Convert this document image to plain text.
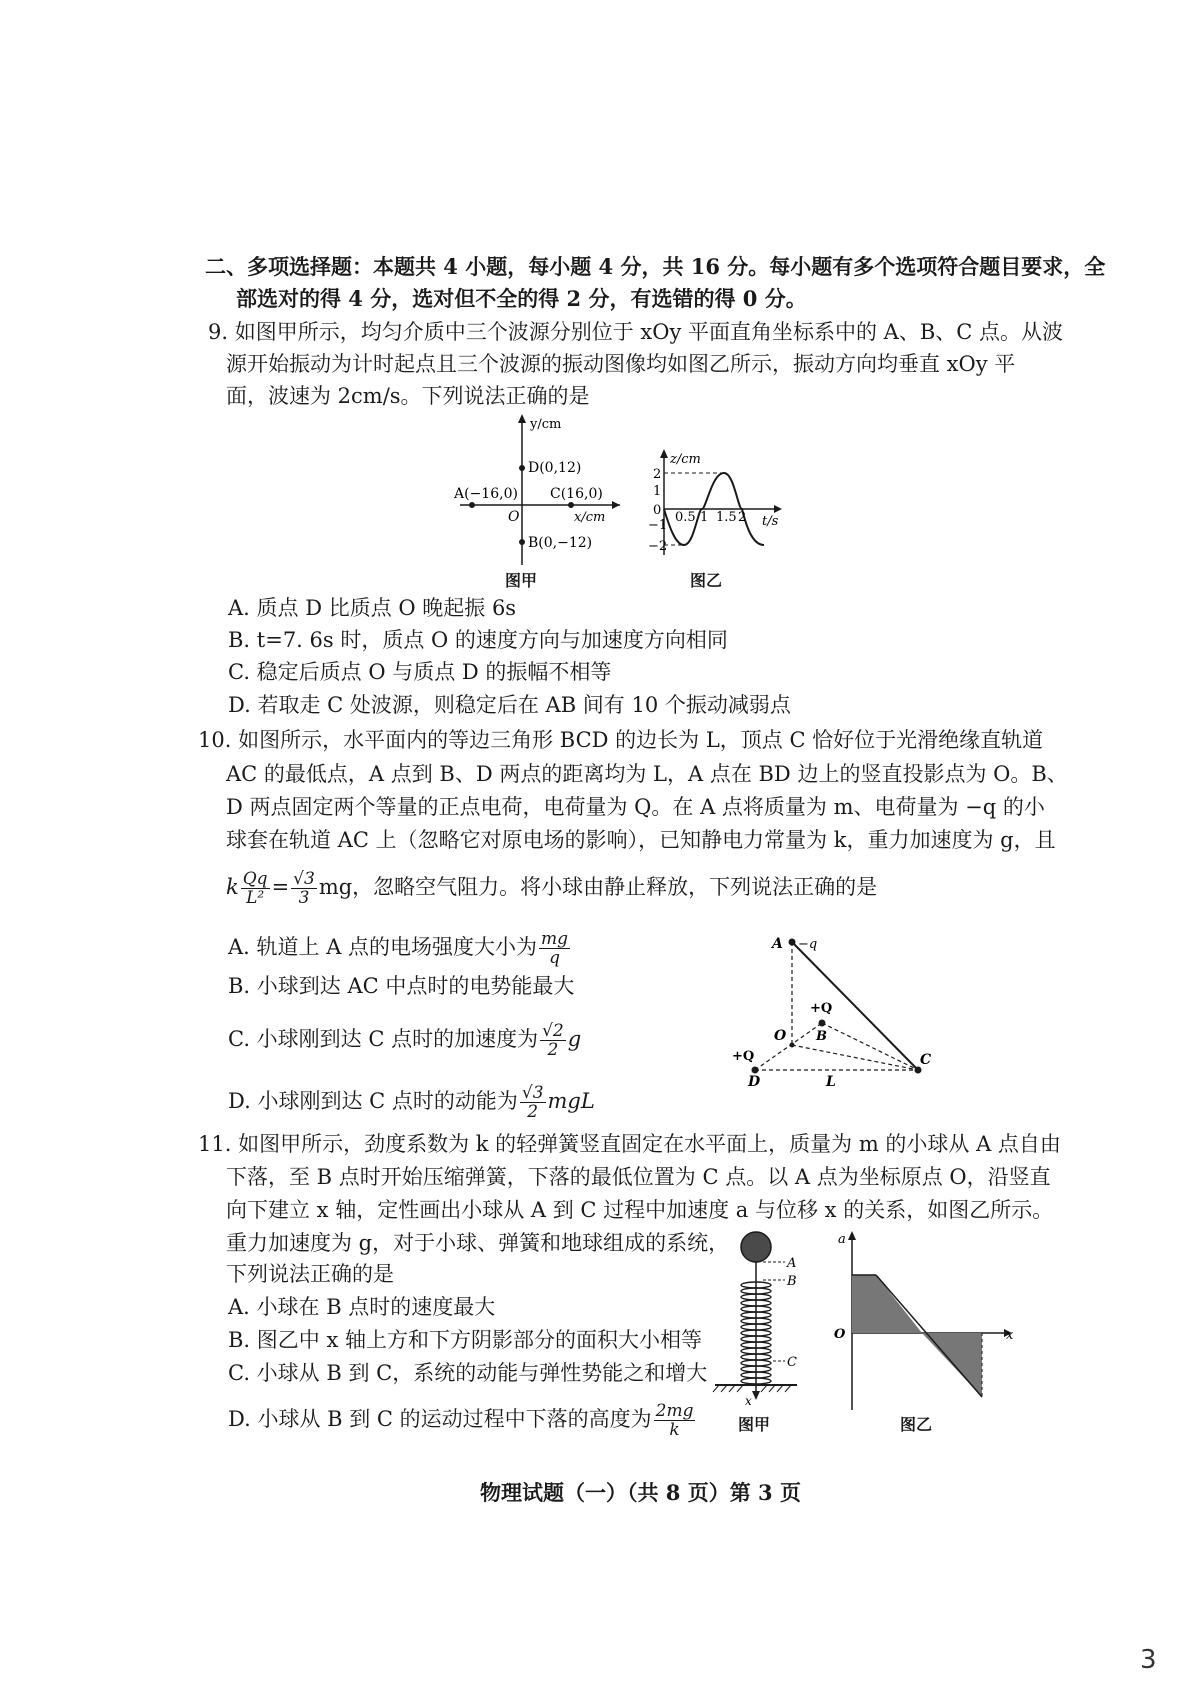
二、多项选择题：本题共 4 小题，每小题 4 分，共 16 分。每小题有多个选项符合题目要求，全
部选对的得 4 分，选对但不全的得 2 分，有选错的得 0 分。
9. 如图甲所示，均匀介质中三个波源分别位于 xOy 平面直角坐标系中的 A、B、C 点。从波
源开始振动为计时起点且三个波源的振动图像均如图乙所示，振动方向均垂直 xOy 平
面，波速为 2cm/s。下列说法正确的是
y/cm
x/cm
O
A(−16,0) C(16,0)
D(0,12)
B(0,−12)
图甲
z/cm
2
1
0
−1
−2
0.5 1 1.5 2 t/s
图乙
A. 质点 D 比质点 O 晚起振 6s
B. t=7. 6s 时，质点 O 的速度方向与加速度方向相同
C. 稳定后质点 O 与质点 D 的振幅不相等
D. 若取走 C 处波源，则稳定后在 AB 间有 10 个振动减弱点
10. 如图所示，水平面内的等边三角形 BCD 的边长为 L，顶点 C 恰好位于光滑绝缘直轨道
AC 的最低点，A 点到 B、D 两点的距离均为 L，A 点在 BD 边上的竖直投影点为 O。B、
D 两点固定两个等量的正点电荷，电荷量为 Q。在 A 点将质量为 m、电荷量为 −q 的小
球套在轨道 AC 上（忽略它对原电场的影响），已知静电力常量为 k，重力加速度为 g，且
k $\frac{Qq}{\text{L²}} = \frac{√3}{3}$ mg，忽略空气阻力。将小球由静止释放，下列说法正确的是
A. 轨道上 A 点的电场强度大小为 $\frac{mg}{q}$
B. 小球到达 AC 中点时的电势能最大
C. 小球刚到达 C 点时的加速度为 $\frac{√2}{2}$ g
D. 小球刚到达 C 点时的动能为 $\frac{√3}{2}$ mgL
A −q
+Q
B
O
+Q
D	L
C
11. 如图甲所示，劲度系数为 k 的轻弹簧竖直固定在水平面上，质量为 m 的小球从 A 点自由
下落，至 B 点时开始压缩弹簧，下落的最低位置为 C 点。以 A 点为坐标原点 O，沿竖直
向下建立 x 轴，定性画出小球从 A 到 C 过程中加速度 a 与位移 x 的关系，如图乙所示。
重力加速度为 g，对于小球、弹簧和地球组成的系统，
下列说法正确的是
A. 小球在 B 点时的速度最大
B. 图乙中 x 轴上方和下方阴影部分的面积大小相等
C. 小球从 B 到 C，系统的动能与弹性势能之和增大
D. 小球从 B 到 C 的运动过程中下落的高度为 $\frac{2mg}{k}$
A
B
C
x
图甲
a
O	x
图乙
物理试题（一）（共 8 页）第 3 页
3
